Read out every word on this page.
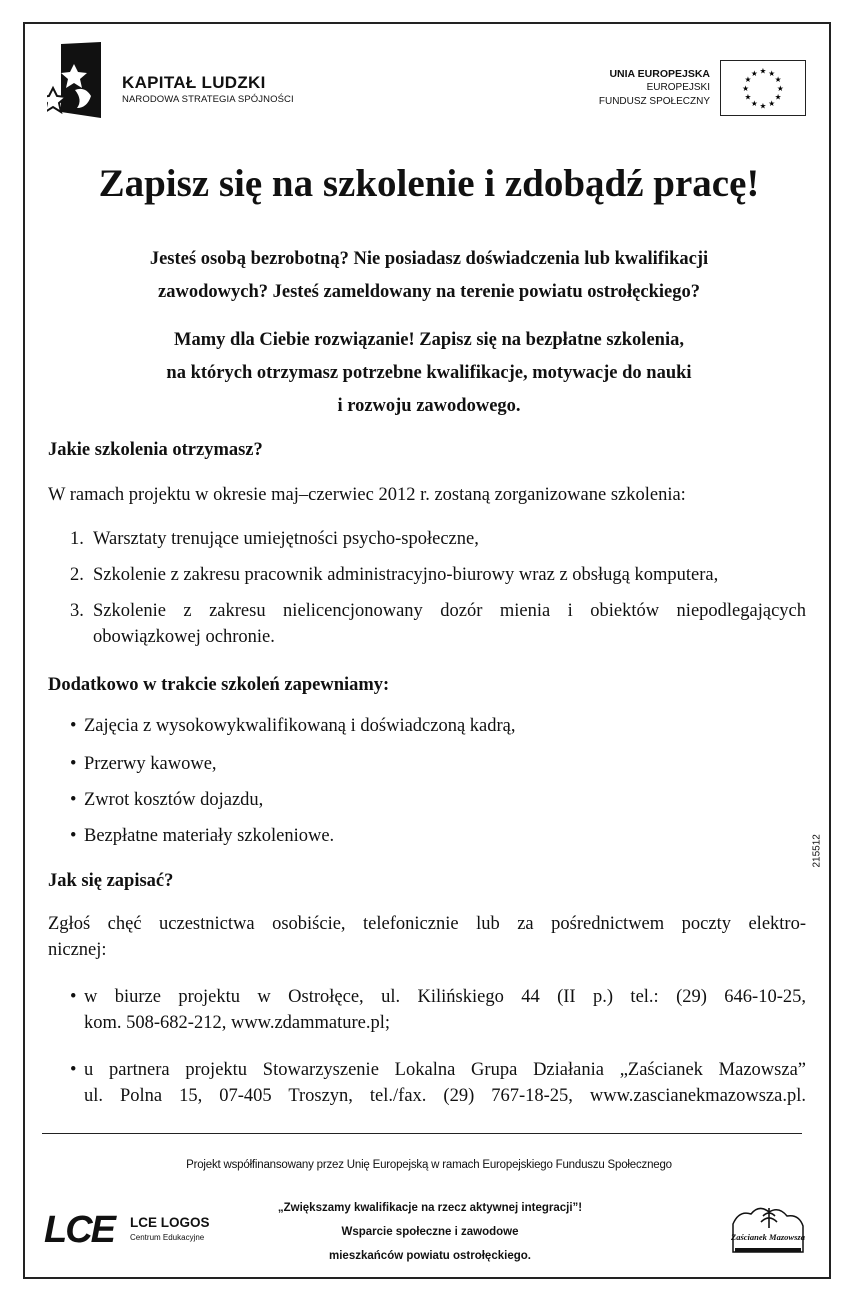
KAPITAŁ LUDZKI
NARODOWA STRATEGIA SPÓJNOŚCI
UNIA EUROPEJSKA
EUROPEJSKI
FUNDUSZ SPOŁECZNY
★ ★
★
★
★
★
★
★
★
★
★
★
Zapisz się na szkolenie i zdobądź pracę!
Jesteś osobą bezrobotną? Nie posiadasz doświadczenia lub kwalifikacji
zawodowych? Jesteś zameldowany na terenie powiatu ostrołęckiego?
Mamy dla Ciebie rozwiązanie! Zapisz się na bezpłatne szkolenia,
na których otrzymasz potrzebne kwalifikacje, motywacje do nauki
i rozwoju zawodowego.
Jakie szkolenia otrzymasz?
W ramach projektu w okresie maj–czerwiec 2012 r. zostaną zorganizowane szkolenia:
1. Warsztaty trenujące umiejętności psycho-społeczne,
2. Szkolenie z zakresu pracownik administracyjno-biurowy wraz z obsługą komputera,
3. Szkolenie z zakresu nielicencjonowany dozór mienia i obiektów niepodlegających
obowiązkowej ochronie.
Dodatkowo w trakcie szkoleń zapewniamy:
• Zajęcia z wysokowykwalifikowaną i doświadczoną kadrą,
• Przerwy kawowe,
• Zwrot kosztów dojazdu,
• Bezpłatne materiały szkoleniowe.	215512
Jak się zapisać?
Zgłoś chęć uczestnictwa osobiście, telefonicznie lub za pośrednictwem poczty elektro-
nicznej:
• w biurze projektu w Ostrołęce, ul. Kilińskiego 44 (II p.) tel.: (29) 646-10-25,
kom. 508-682-212, www.zdammature.pl;
• u partnera projektu Stowarzyszenie Lokalna Grupa Działania „Zaścianek Mazowsza”
ul. Polna 15, 07-405 Troszyn, tel./fax. (29) 767-18-25, www.zascianekmazowsza.pl.
Projekt współfinansowany przez Unię Europejską w ramach Europejskiego Funduszu Społecznego
LCE LCE LOGOS
Centrum Edukacyjne
„Zwiększamy kwalifikacje na rzecz aktywnej integracji”!
Wsparcie społeczne i zawodowe
mieszkańców powiatu ostrołęckiego.
Zaścianek Mazowsza
